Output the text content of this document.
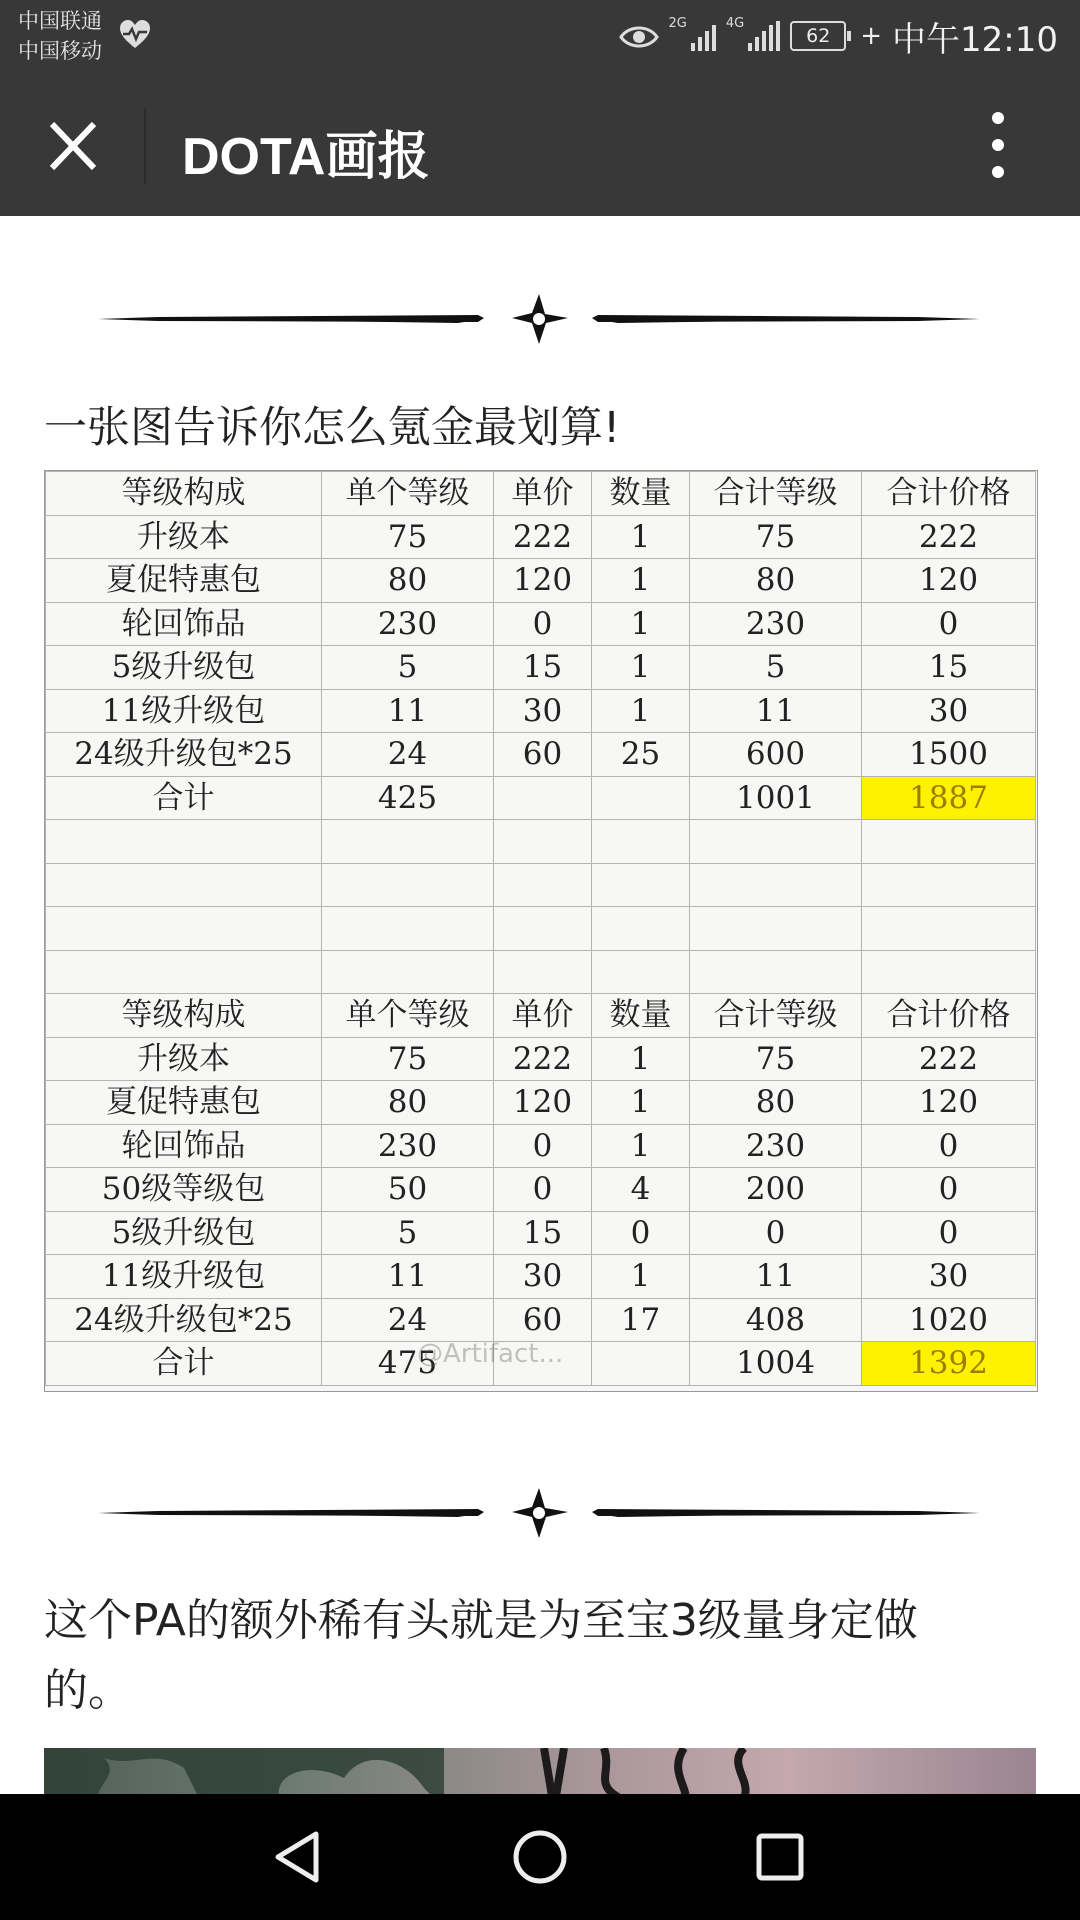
中国联通
中国移动
2G	4G
62	+ 中午12:10
DOTA画报
一张图告诉你怎么氪金最划算!
等级构成	单个等级	单价	数量	合计等级	合计价格
升级本	75	222	1	75	222
夏促特惠包	80	120	1	80	120
轮回饰品	230	0	1	230	0
5级升级包	5	15	1	5	15
11级升级包	11	30	1	11	30
24级升级包*25	24	60	25	600	1500
合计	425			1001	1887

等级构成	单个等级	单价	数量	合计等级	合计价格
升级本	75	222	1	75	222
夏促特惠包	80	120	1	80	120
轮回饰品	230	0	1	230	0
50级等级包	50	0	4	200	0
5级升级包	5	15	0	0	0
11级升级包	11	30	1	11	30
24级升级包*25	24	60	17	408	1020
合计	475			1004	1392
@Artifact...
这个PA的额外稀有头就是为至宝3级量身定做的。
